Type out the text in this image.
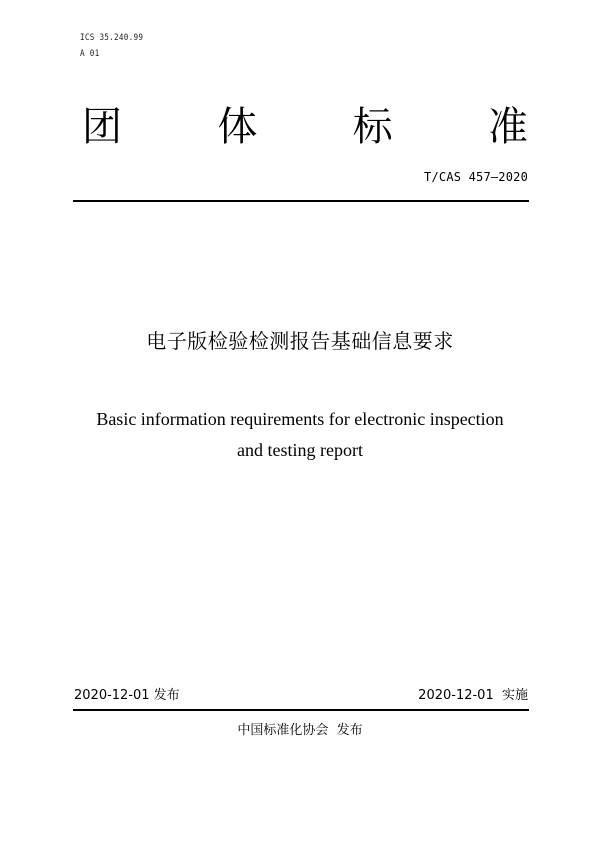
ICS 35.240.99
A 01
团 体 标 准
T/CAS 457—2020
电子版检验检测报告基础信息要求
Basic information requirements for electronic inspection
and testing report
2020-12-01 发布	2020-12-01  实施
中国标准化协会  发布
